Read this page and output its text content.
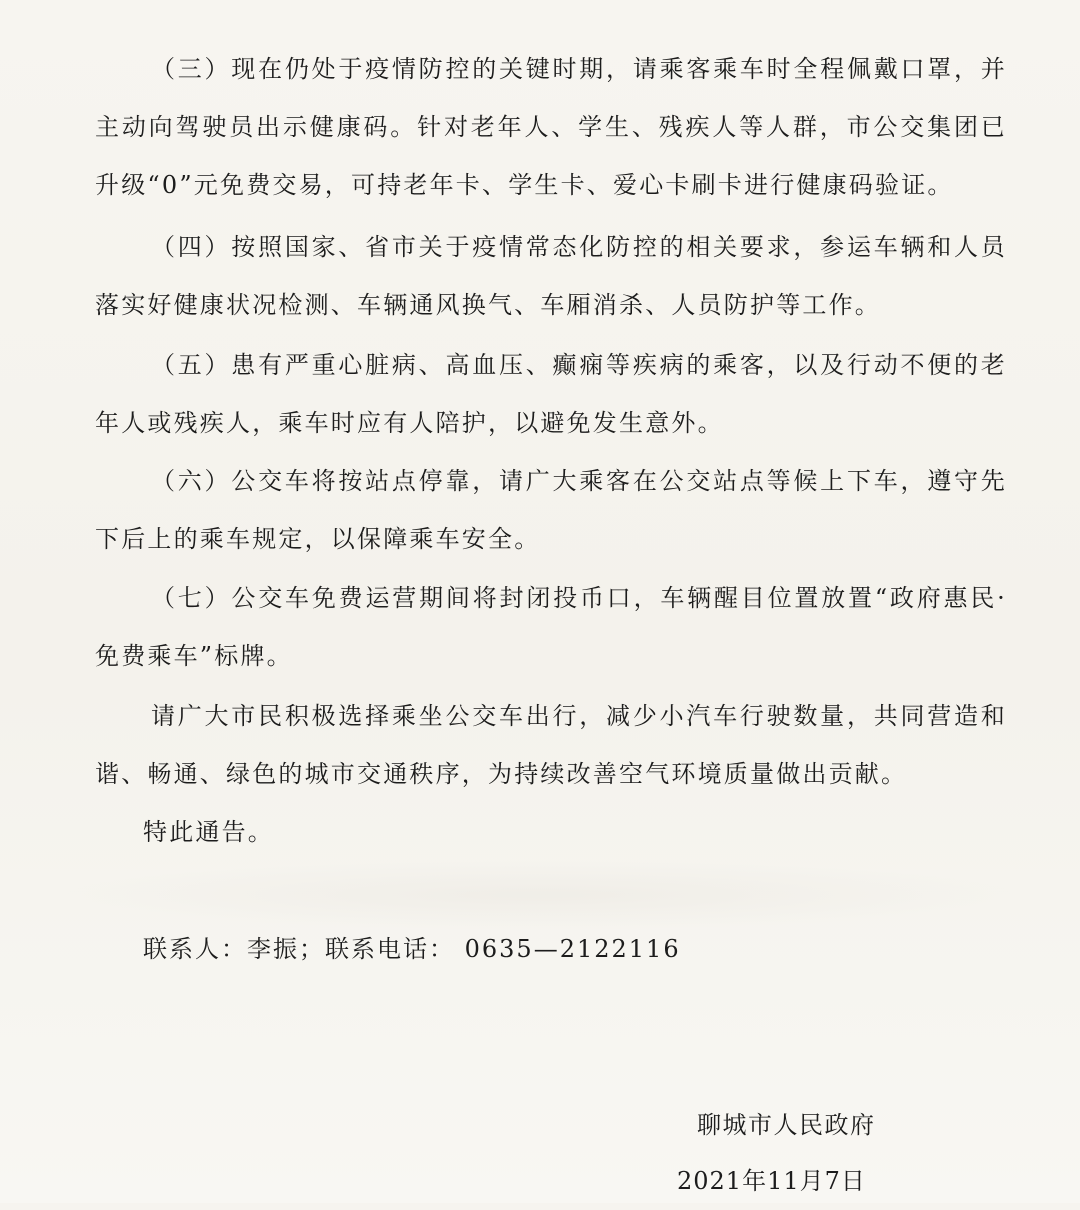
（三）现在仍处于疫情防控的关键时期，请乘客乘车时全程佩戴口罩，并主动向驾驶员出示健康码。针对老年人、学生、残疾人等人群，市公交集团已升级“0”元免费交易，可持老年卡、学生卡、爱心卡刷卡进行健康码验证。

（四）按照国家、省市关于疫情常态化防控的相关要求，参运车辆和人员落实好健康状况检测、车辆通风换气、车厢消杀、人员防护等工作。

（五）患有严重心脏病、高血压、癫痫等疾病的乘客，以及行动不便的老年人或残疾人，乘车时应有人陪护，以避免发生意外。

（六）公交车将按站点停靠，请广大乘客在公交站点等候上下车，遵守先下后上的乘车规定，以保障乘车安全。

（七）公交车免费运营期间将封闭投币口，车辆醒目位置放置“政府惠民·免费乘车”标牌。

请广大市民积极选择乘坐公交车出行，减少小汽车行驶数量，共同营造和谐、畅通、绿色的城市交通秩序，为持续改善空气环境质量做出贡献。

特此通告。

联系人：李振；联系电话： 0635—2122116

聊城市人民政府

2021年11月7日
